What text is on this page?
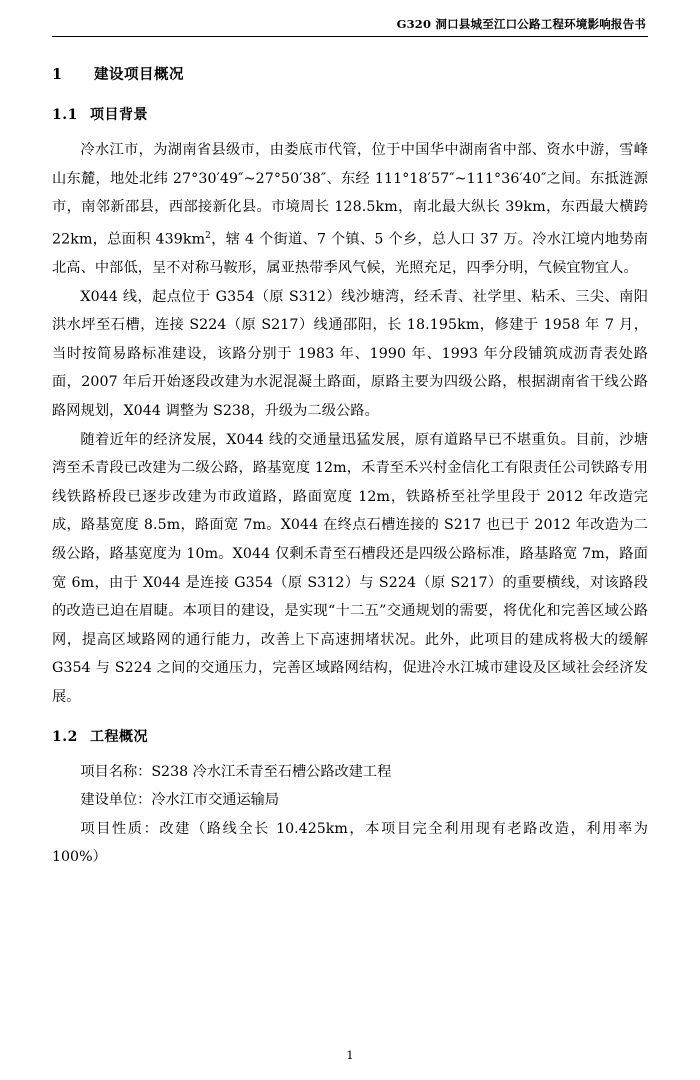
G320 洞口县城至江口公路工程环境影响报告书
1 建设项目概况
1.1 项目背景

冷水江市，为湖南省县级市，由娄底市代管，位于中国华中湖南省中部、资水中游，雪峰山东麓，地处北纬 27°30′49″~27°50′38″、东经 111°18′57″~111°36′40″之间。东抵涟源市，南邻新邵县，西部接新化县。市境周长 128.5km，南北最大纵长 39km，东西最大横跨 22km，总面积 $439km^2$，辖 4 个街道、7 个镇、5 个乡，总人口 37 万。冷水江境内地势南北高、中部低，呈不对称马鞍形，属亚热带季风气候，光照充足，四季分明，气候宜物宜人。

X044 线，起点位于 G354（原 S312）线沙塘湾，经禾青、社学里、粘禾、三尖、南阳洪水坪至石槽，连接 S224（原 S217）线通邵阳，长 18.195km，修建于 1958 年 7 月，当时按简易路标准建设，该路分别于 1983 年、1990 年、1993 年分段铺筑成沥青表处路面，2007 年后开始逐段改建为水泥混凝土路面，原路主要为四级公路，根据湖南省干线公路路网规划，X044 调整为 S238，升级为二级公路。

随着近年的经济发展，X044 线的交通量迅猛发展，原有道路早已不堪重负。目前，沙塘湾至禾青段已改建为二级公路，路基宽度 12m，禾青至禾兴村金信化工有限责任公司铁路专用线铁路桥段已逐步改建为市政道路，路面宽度 12m，铁路桥至社学里段于 2012 年改造完成，路基宽度 8.5m，路面宽 7m。X044 在终点石槽连接的 S217 也已于 2012 年改造为二级公路，路基宽度为 10m。X044 仅剩禾青至石槽段还是四级公路标准，路基路宽 7m，路面宽 6m，由于 X044 是连接 G354（原 S312）与 S224（原 S217）的重要横线，对该路段的改造已迫在眉睫。本项目的建设，是实现“十二五”交通规划的需要，将优化和完善区域公路网，提高区域路网的通行能力，改善上下高速拥堵状况。此外，此项目的建成将极大的缓解 G354 与 S224 之间的交通压力，完善区域路网结构，促进冷水江城市建设及区域社会经济发展。

1.2 工程概况

项目名称：S238 冷水江禾青至石槽公路改建工程

建设单位：冷水江市交通运输局

项目性质：改建（路线全长 10.425km，本项目完全利用现有老路改造，利用率为 100%）

1
